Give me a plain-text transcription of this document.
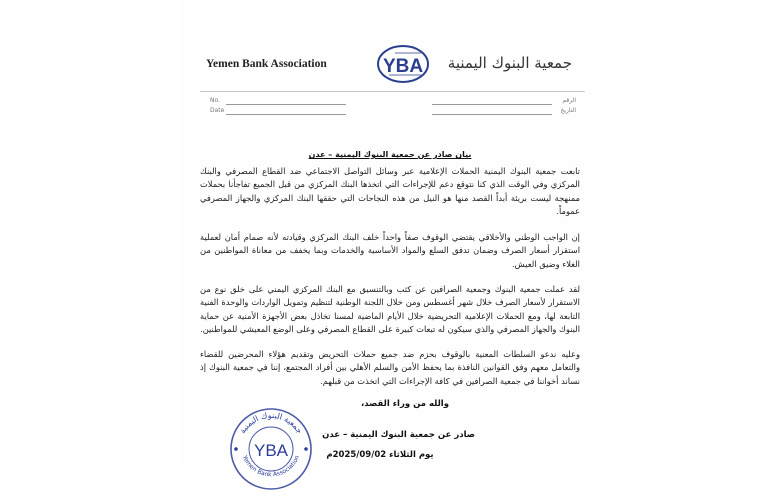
Yemen Bank Association	YBA جمعية البنوك اليمنية
No.	الرقم
Date	التاريخ
بيان صادر عن جمعية البنوك اليمنية – عدن
تابعت جمعية البنوك اليمنية الحملات الإعلامية عبر وسائل التواصل الاجتماعي ضد القطاع المصرفي والبنك المركزي وفي الوقت الذي كنا نتوقع دعم للإجراءات التي اتخذها البنك المركزي من قبل الجميع تفاجأنا بحملات ممنهجة ليست بريئة أبداً القصد منها هو النيل من هذه النجاحات التي حققها البنك المركزي والجهاز المصرفي عموماً.
إن الواجب الوطني والأخلاقي يقتضي الوقوف صفاً واحداً خلف البنك المركزي وقيادته لأنه صمام أمان لعملية استقرار أسعار الصرف وضمان تدفق السلع والمواد الأساسية والخدمات وبما يخفف من معاناة المواطنين من الغلاء وضيق العيش.
لقد عملت جمعية البنوك وجمعية الصرافين عن كثب وبالتنسيق مع البنك المركزي اليمني على خلق نوع من الاستقرار لأسعار الصرف خلال شهر أغسطس ومن خلال اللجنة الوطنية لتنظيم وتمويل الواردات والوحدة الفنية التابعة لها، ومع الحملات الإعلامية التحريضية خلال الأيام الماضية لمسنا تخاذل بعض الأجهزة الأمنية عن حماية البنوك والجهاز المصرفي والذي سيكون له تبعات كبيرة على القطاع المصرفي وعلى الوضع المعيشي للمواطنين.
وعليه ندعو السلطات المعنية بالوقوف بحزم ضد جميع حملات التحريض وتقديم هؤلاء المحرضين للقضاء والتعامل معهم وفق القوانين النافذة بما يحفظ الأمن والسلم الأهلي بين أفراد المجتمع، إننا في جمعية البنوك إذ نساند أخواننا في جمعية الصرافين في كافة الإجراءات التي اتخذت من قبلهم.
والله من وراء القصد،
صادر عن جمعية البنوك اليمنية – عدن
يوم الثلاثاء 2025/09/02م
جمعية البنوك اليمنية
Yemen Bank Association
YBA
